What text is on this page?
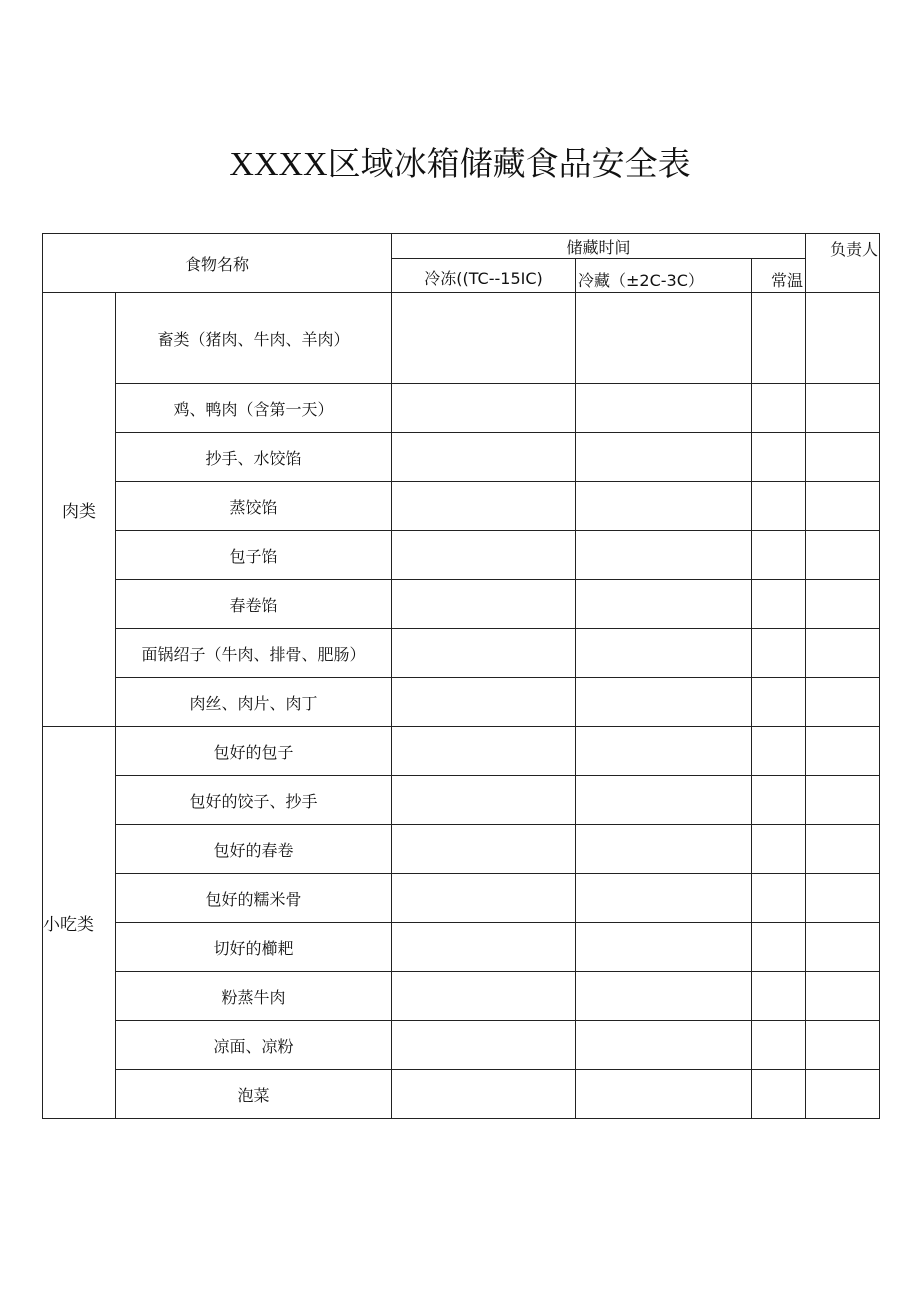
XXXX区域冰箱储藏食品安全表
食物名称		储藏时间			负责人
		冷冻((TC--15IC)	冷藏（±2C-3C）	常温	
肉类	畜类（猪肉、牛肉、羊肉）				
	鸡、鸭肉（含第一天）				
	抄手、水饺馅				
	蒸饺馅				
	包子馅				
	春卷馅				
	面锅绍子（牛肉、排骨、肥肠）				
	肉丝、肉片、肉丁				
小吃类	包好的包子				
	包好的饺子、抄手				
	包好的春卷				
	包好的糯米骨				
	切好的櫛耙				
	粉蒸牛肉				
	凉面、凉粉				
	泡菜				
